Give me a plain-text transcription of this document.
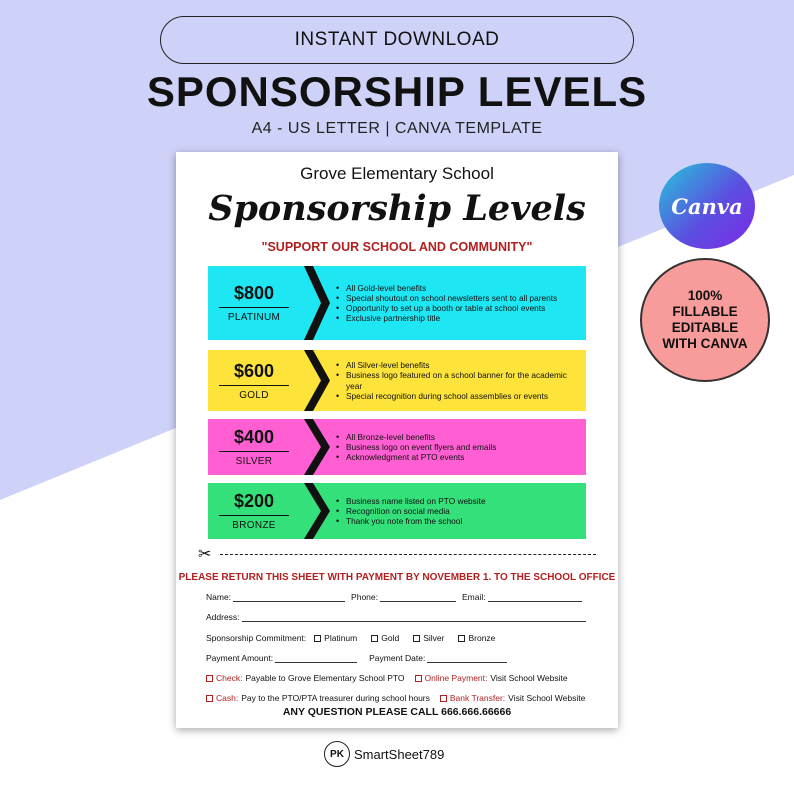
INSTANT DOWNLOAD
SPONSORSHIP LEVELS
A4 - US LETTER | CANVA TEMPLATE
Canva
100%
FILLABLE
EDITABLE
WITH CANVA
Grove Elementary School
Sponsorship Levels
"SUPPORT OUR SCHOOL AND COMMUNITY"
$800
PLATINUM
• All Gold-level benefits
• Special shoutout on school newsletters sent to all parents
• Opportunity to set up a booth or table at school events
• Exclusive partnership title
$600
GOLD
• All Silver-level benefits
• Business logo featured on a school banner for the academic year
• Special recognition during school assemblies or events
$400
SILVER
• All Bronze-level benefits
• Business logo on event flyers and emails
• Acknowledgment at PTO events
$200
BRONZE
• Business name listed on PTO website
• Recognition on social media
• Thank you note from the school
✂
PLEASE RETURN THIS SHEET WITH PAYMENT BY NOVEMBER 1. TO THE SCHOOL OFFICE
Name:	Phone:	Email:
Address:
Sponsorship Commitment: Platinum	Gold	Silver	Bronze
Payment Amount:	Payment Date:
Check: Payable to Grove Elementary School PTO Online Payment: Visit School Website
Cash: Pay to the PTO/PTA treasurer during school hours Bank Transfer: Visit School Website
ANY QUESTION PLEASE CALL 666.666.66666
PK SmartSheet789
